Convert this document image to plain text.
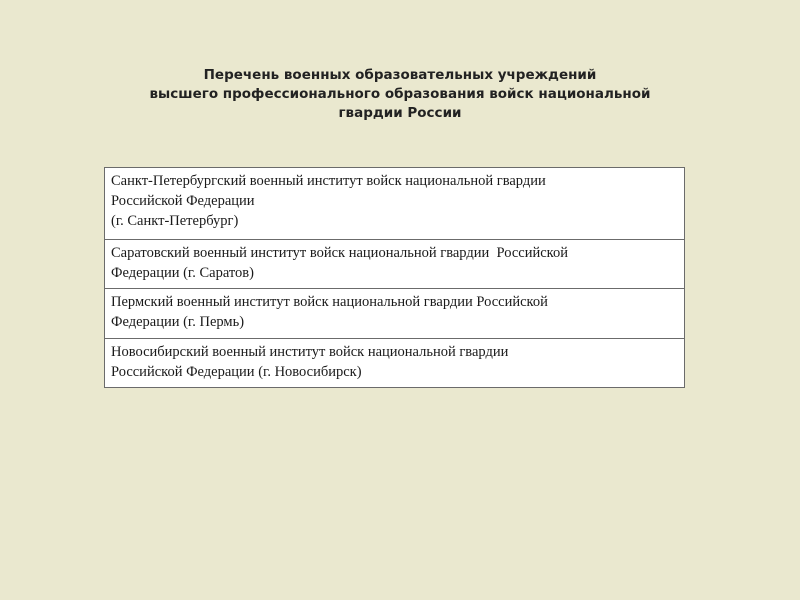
Перечень военных образовательных учреждений
высшего профессионального образования войск национальной
гвардии России
Санкт-Петербургский военный институт войск национальной гвардии
Российской Федерации
(г. Санкт-Петербург)

Саратовский военный институт войск национальной гвардии  Российской
Федерации (г. Саратов)

Пермский военный институт войск национальной гвардии Российской
Федерации (г. Пермь)

Новосибирский военный институт войск национальной гвардии
Российской Федерации (г. Новосибирск)
